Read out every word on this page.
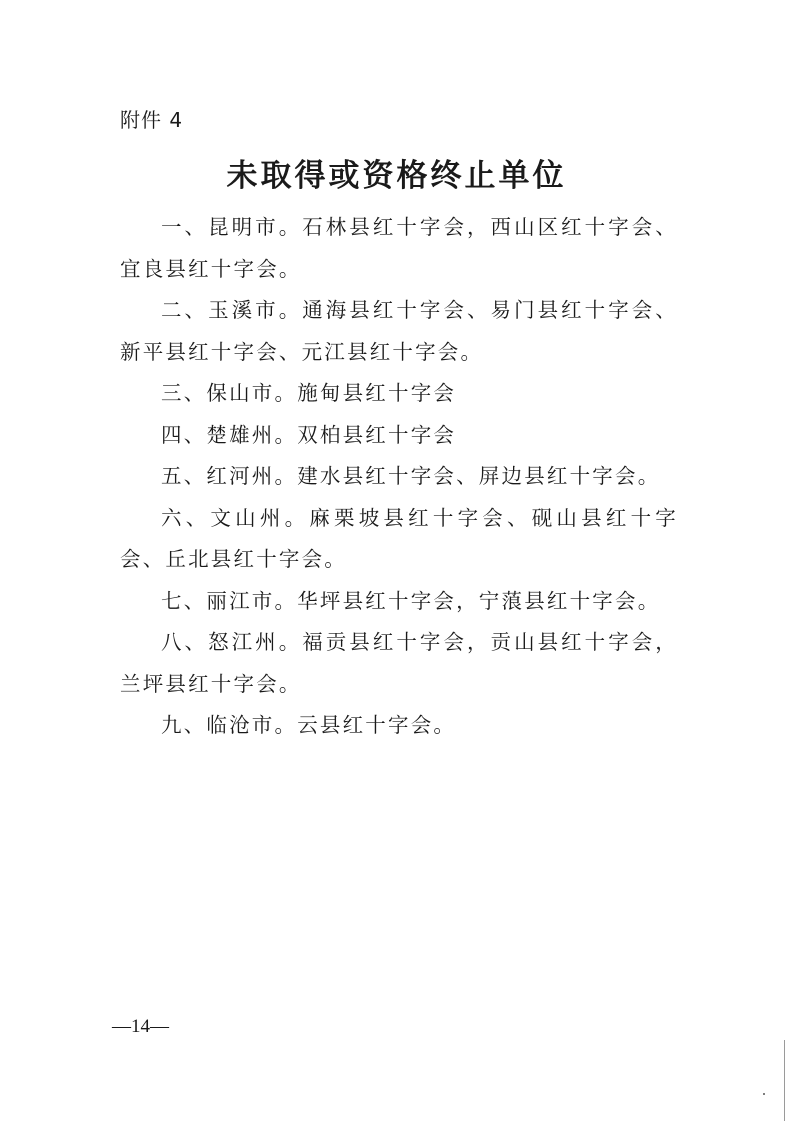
附件 4
未取得或资格终止单位

一、昆明市。石林县红十字会，西山区红十字会、宜良县红十字会。

二、玉溪市。通海县红十字会、易门县红十字会、新平县红十字会、元江县红十字会。

三、保山市。施甸县红十字会

四、楚雄州。双柏县红十字会

五、红河州。建水县红十字会、屏边县红十字会。

六、文山州。麻栗坡县红十字会、砚山县红十字会、丘北县红十字会。

七、丽江市。华坪县红十字会，宁蒗县红十字会。

八、怒江州。福贡县红十字会，贡山县红十字会，兰坪县红十字会。

九、临沧市。云县红十字会。

—14—
